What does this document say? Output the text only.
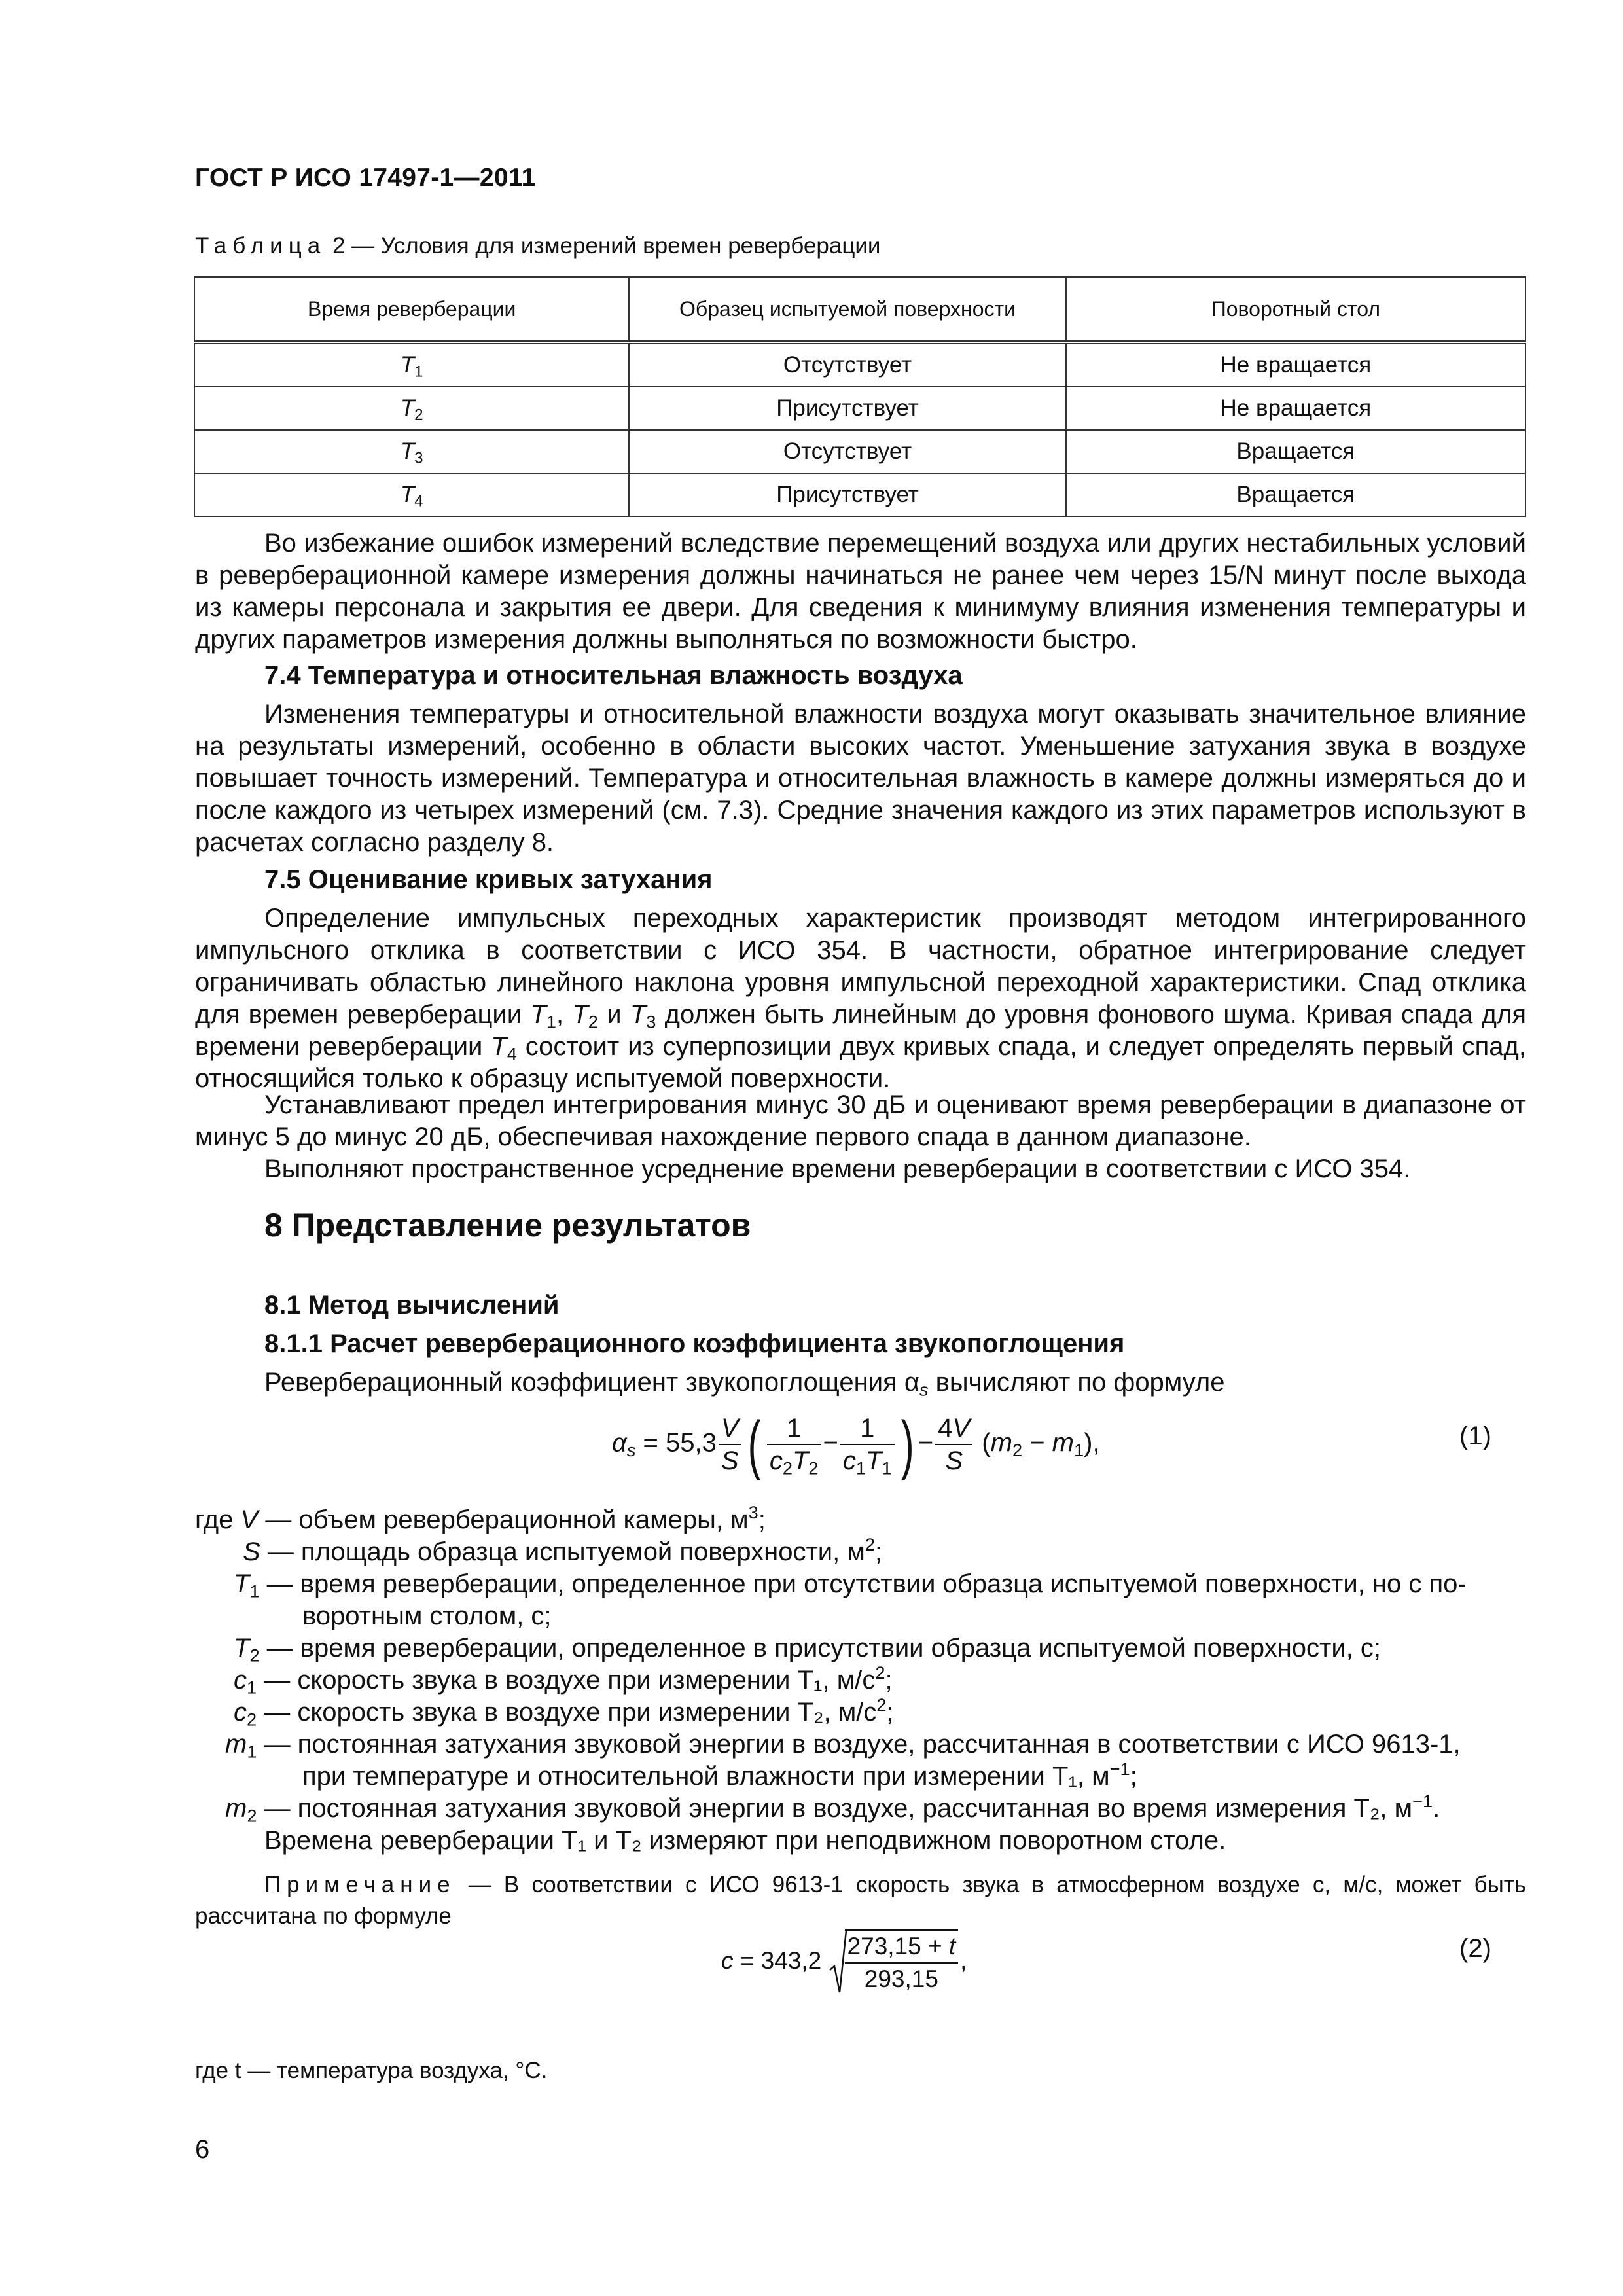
ГОСТ Р ИСО 17497-1—2011
Таблица 2 — Условия для измерений времен реверберации
Время реверберации	Образец испытуемой поверхности	Поворотный стол
$T_1$	Отсутствует	Не вращается
$T_2$	Присутствует	Не вращается
$T_3$	Отсутствует	Вращается
$T_4$	Присутствует	Вращается
Во избежание ошибок измерений вследствие перемещений воздуха или других нестабильных условий в реверберационной камере измерения должны начинаться не ранее чем через 15/N минут после выхода из камеры персонала и закрытия ее двери. Для сведения к минимуму влияния изменения температуры и других параметров измерения должны выполняться по возможности быстро.
7.4 Температура и относительная влажность воздуха
Изменения температуры и относительной влажности воздуха могут оказывать значительное влияние на результаты измерений, особенно в области высоких частот. Уменьшение затухания звука в воздухе повышает точность измерений. Температура и относительная влажность в камере должны измеряться до и после каждого из четырех измерений (см. 7.3). Средние значения каждого из этих параметров используют в расчетах согласно разделу 8.
7.5 Оценивание кривых затухания
Определение импульсных переходных характеристик производят методом интегрированного импульсного отклика в соответствии с ИСО 354. В частности, обратное интегрирование следует ограничивать областью линейного наклона уровня импульсной переходной характеристики. Спад отклика для времен реверберации $T_1$, $T_2$ и $T_3$ должен быть линейным до уровня фонового шума. Кривая спада для времени реверберации $T_4$ состоит из суперпозиции двух кривых спада, и следует определять первый спад, относящийся только к образцу испытуемой поверхности.
Устанавливают предел интегрирования минус 30 дБ и оценивают время реверберации в диапазоне от минус 5 до минус 20 дБ, обеспечивая нахождение первого спада в данном диапазоне.
Выполняют пространственное усреднение времени реверберации в соответствии с ИСО 354.
8 Представление результатов
8.1 Метод вычислений
8.1.1 Расчет реверберационного коэффициента звукопоглощения
Реверберационный коэффициент звукопоглощения $\alpha_s$ вычисляют по формуле
$\alpha_s = 55,3 \frac{V}{S}$ ( $\frac{1}{c_2T_2} - \frac{1}{c_1T_1}$ ) − $\frac{4V}{S} (m_2 - m_1)$,	(1)
где V — объем реверберационной камеры, $м^3$;
S — площадь образца испытуемой поверхности, $м^2$;
$T_1$ — время реверберации, определенное при отсутствии образца испытуемой поверхности, но с по-
воротным столом, с;
$T_2$ — время реверберации, определенное в присутствии образца испытуемой поверхности, с;
$c_1$ — скорость звука в воздухе при измерении T₁, $м/с^2$;
$c_2$ — скорость звука в воздухе при измерении T₂, $м/с^2$;
$m_1$ — постоянная затухания звуковой энергии в воздухе, рассчитанная в соответствии с ИСО 9613-1,
при температуре и относительной влажности при измерении T₁, $м^{-1}$;
$m_2$ — постоянная затухания звуковой энергии в воздухе, рассчитанная во время измерения T₂, $м^{-1}$.
Времена реверберации T₁ и T₂ измеряют при неподвижном поворотном столе.
Примечание — В соответствии с ИСО 9613-1 скорость звука в атмосферном воздухе c, м/с, может быть рассчитана по формуле
$c = 343,2 \frac{273,15 + t}{293,15}$ ,	(2)
где t — температура воздуха, °C.
6
